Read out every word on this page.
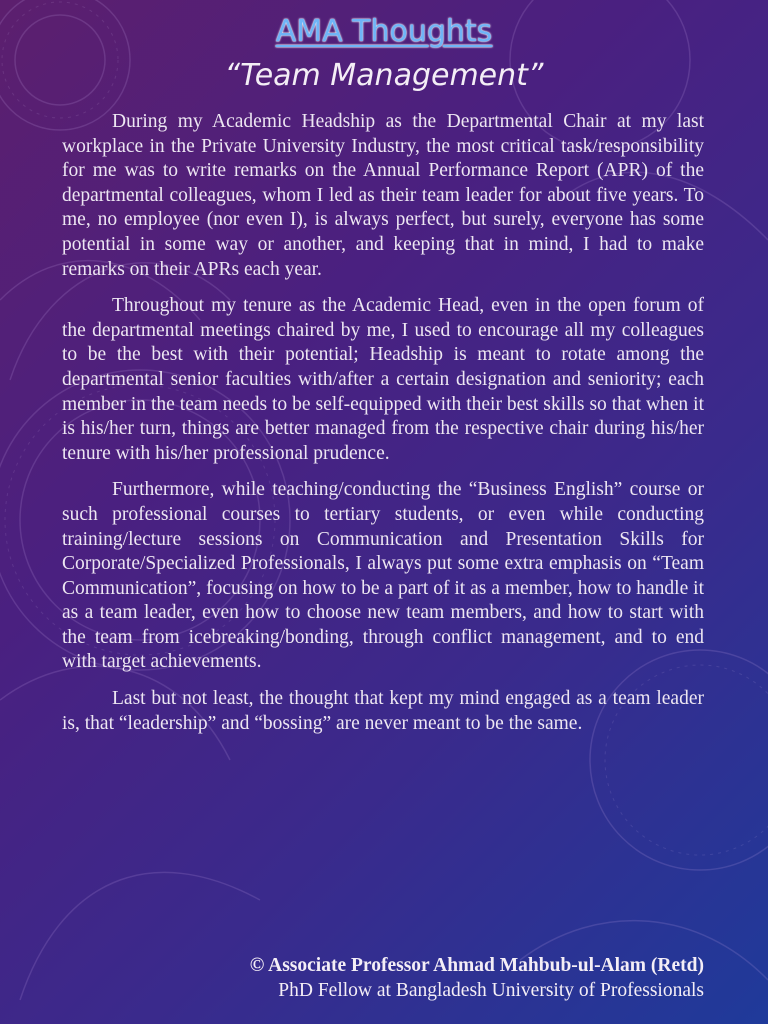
AMA Thoughts
“Team Management”

During my Academic Headship as the Departmental Chair at my last workplace in the Private University Industry, the most critical task/responsibility for me was to write remarks on the Annual Performance Report (APR) of the departmental colleagues, whom I led as their team leader for about five years. To me, no employee (nor even I), is always perfect, but surely, everyone has some potential in some way or another, and keeping that in mind, I had to make remarks on their APRs each year.

Throughout my tenure as the Academic Head, even in the open forum of the departmental meetings chaired by me, I used to encourage all my colleagues to be the best with their potential; Headship is meant to rotate among the departmental senior faculties with/after a certain designation and seniority; each member in the team needs to be self-equipped with their best skills so that when it is his/her turn, things are better managed from the respective chair during his/her tenure with his/her professional prudence.

Furthermore, while teaching/conducting the “Business English” course or such professional courses to tertiary students, or even while conducting training/lecture sessions on Communication and Presentation Skills for Corporate/Specialized Professionals, I always put some extra emphasis on “Team Communication”, focusing on how to be a part of it as a member, how to handle it as a team leader, even how to choose new team members, and how to start with the team from icebreaking/bonding, through conflict management, and to end with target achievements.

Last but not least, the thought that kept my mind engaged as a team leader is, that “leadership” and “bossing” are never meant to be the same.

© Associate Professor Ahmad Mahbub-ul-Alam (Retd)
PhD Fellow at Bangladesh University of Professionals
